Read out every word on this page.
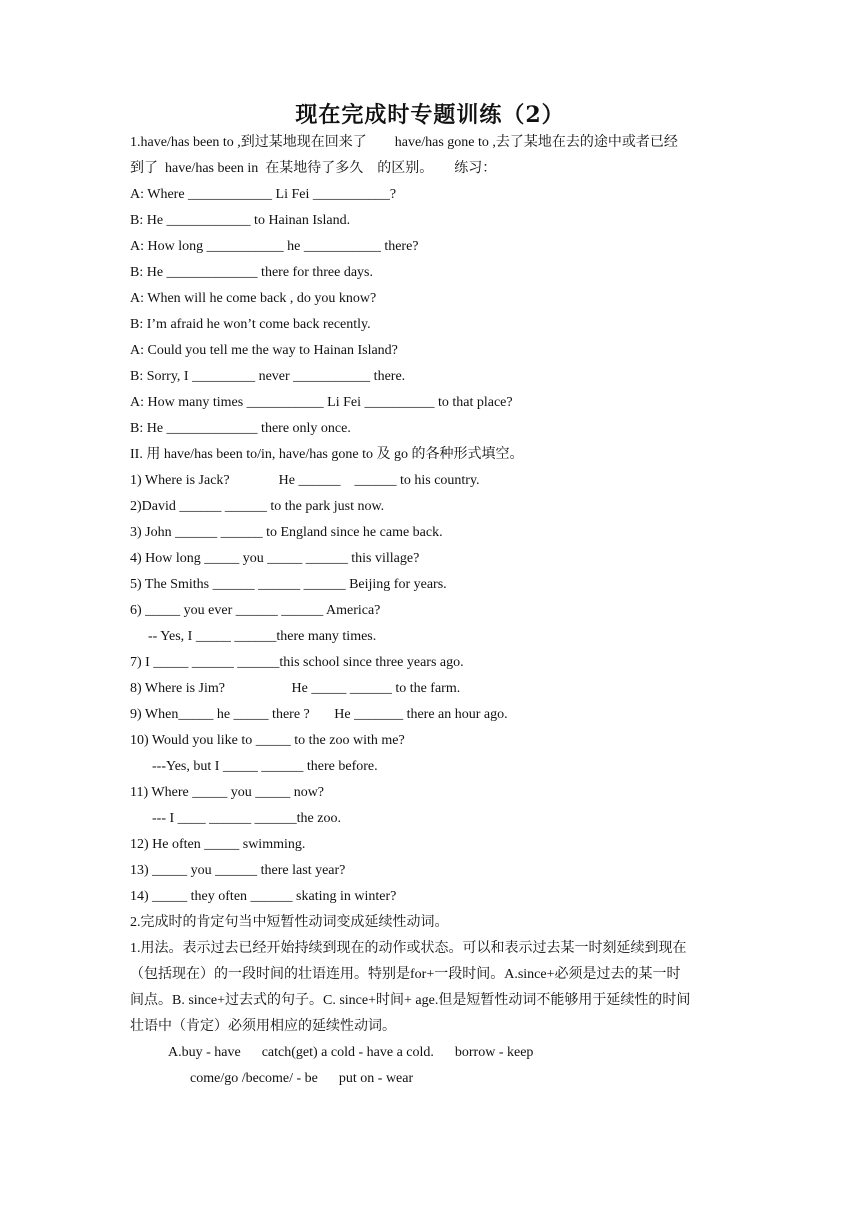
现在完成时专题训练（2）
1.have/has been to ,到过某地现在回来了        have/has gone to ,去了某地在去的途中或者已经
到了  have/has been in  在某地待了多久    的区别。      练习：
A: Where ____________ Li Fei ___________?
B: He ____________ to Hainan Island.
A: How long ___________ he ___________ there?
B: He _____________ there for three days.
A: When will he come back , do you know?
B: I’m afraid he won’t come back recently.
A: Could you tell me the way to Hainan Island?
B: Sorry, I _________ never ___________ there.
A: How many times ___________ Li Fei __________ to that place?
B: He _____________ there only once.
II. 用 have/has been to/in, have/has gone to 及 go 的各种形式填空。
1) Where is Jack?              He ______    ______ to his country.
2)David ______ ______ to the park just now.
3) John ______ ______ to England since he came back.
4) How long _____ you _____ ______ this village?
5) The Smiths ______ ______ ______ Beijing for years.
6) _____ you ever ______ ______ America?
-- Yes, I _____ ______there many times.
7) I _____ ______ ______this school since three years ago.
8) Where is Jim?                   He _____ ______ to the farm.
9) When_____ he _____ there ?       He _______ there an hour ago.
10) Would you like to _____ to the zoo with me?
---Yes, but I _____ ______ there before.
11) Where _____ you _____ now?
--- I ____ ______ ______the zoo.
12) He often _____ swimming.
13) _____ you ______ there last year?
14) _____ they often ______ skating in winter?
2.完成时的肯定句当中短暂性动词变成延续性动词。
1.用法。表示过去已经开始持续到现在的动作或状态。可以和表示过去某一时刻延续到现在
（包括现在）的一段时间的壮语连用。特别是for+一段时间。A.since+必须是过去的某一时
间点。B. since+过去式的句子。C. since+时间+ age.但是短暂性动词不能够用于延续性的时间
壮语中（肯定）必须用相应的延续性动词。
A.buy - have      catch(get) a cold - have a cold.      borrow - keep
come/go /become/ - be      put on - wear
